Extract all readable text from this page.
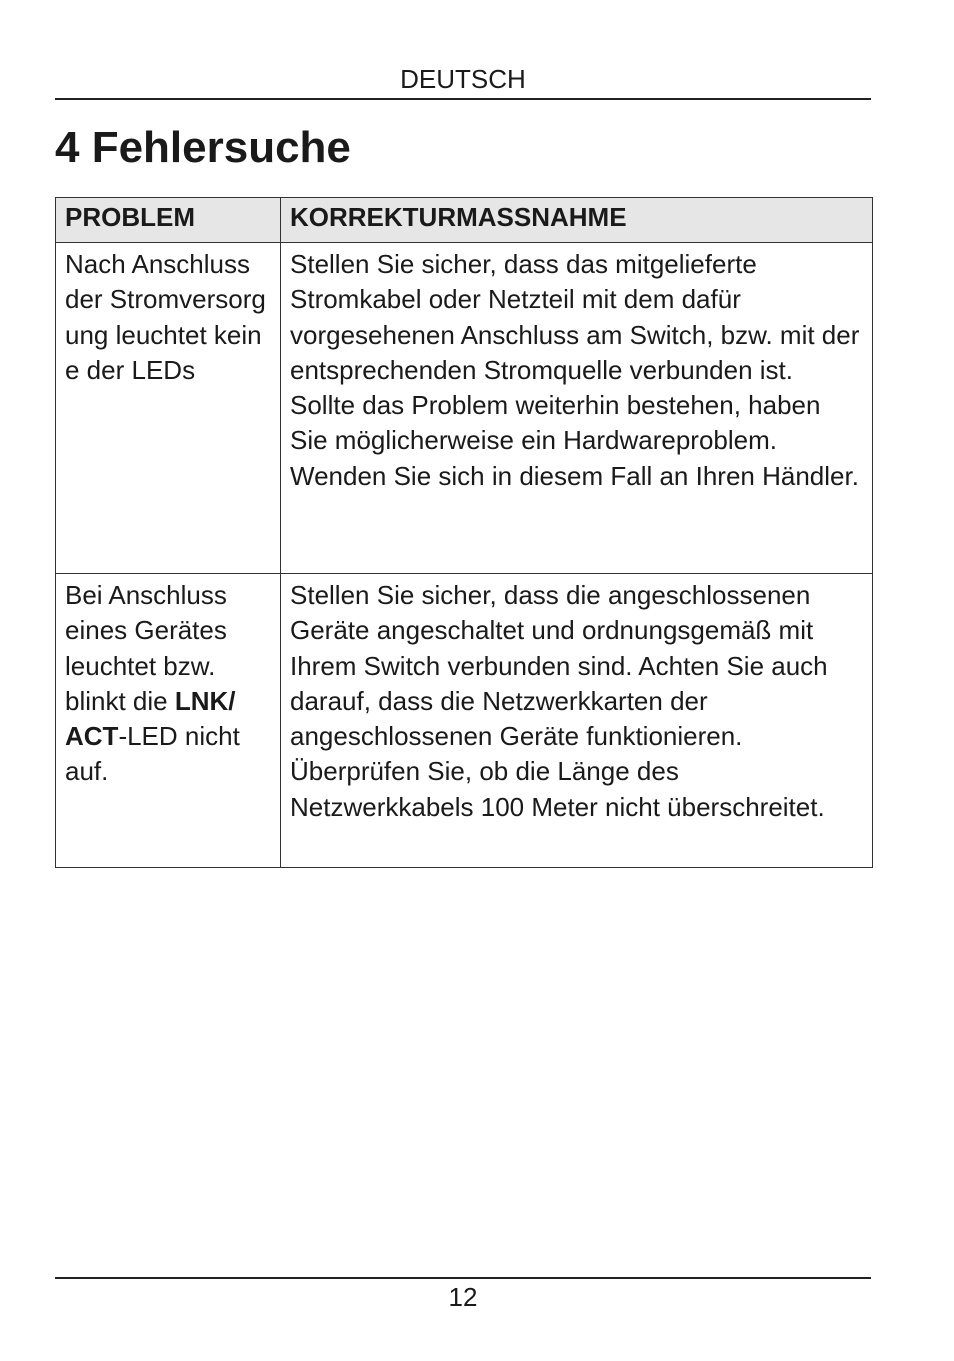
DEUTSCH
4 Fehlersuche
PROBLEM	KORREKTURMASSNAHME
Nach Anschluss der Stromversorgung leuchtet keine der LEDs	Stellen Sie sicher, dass das mitgelieferte Stromkabel oder Netzteil mit dem dafür vorgesehenen Anschluss am Switch, bzw. mit der entsprechenden Stromquelle verbunden ist. Sollte das Problem weiterhin bestehen, haben Sie möglicherweise ein Hardwareproblem. Wenden Sie sich in diesem Fall an Ihren Händler.
Bei Anschluss eines Gerätes leuchtet bzw. blinkt die LNK/ ACT-LED nicht auf.	Stellen Sie sicher, dass die angeschlossenen Geräte angeschaltet und ordnungsgemäß mit Ihrem Switch verbunden sind. Achten Sie auch darauf, dass die Netzwerkkarten der angeschlossenen Geräte funktionieren. Überprüfen Sie, ob die Länge des Netzwerkkabels 100 Meter nicht überschreitet.
12
